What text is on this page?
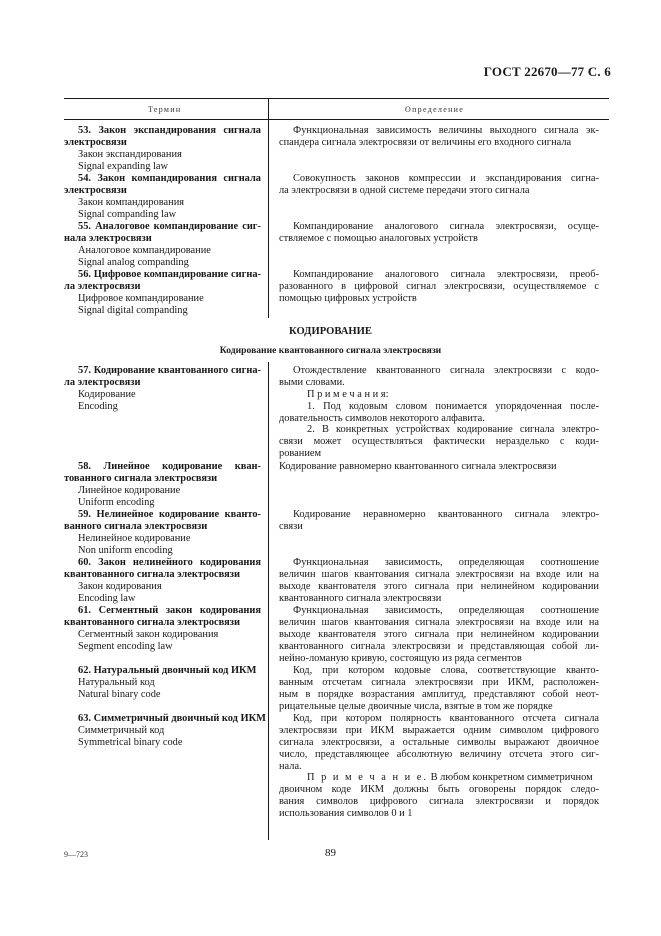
ГОСТ 22670—77 С. 6
Термин	Определение
53. Закон экспандирования сигнала
электросвязи
Закон экспандирования
Signal expanding law
Функциональная зависимость величины выходного сигнала эк-
спандера сигнала электросвязи от величины его входного сигнала
54. Закон компандирования сигнала
электросвязи
Закон компандирования
Signal companding law
Совокупность законов компрессии и экспандирования сигна-
ла электросвязи в одной системе передачи этого сигнала
55. Аналоговое компандирование сиг-
нала электросвязи
Аналоговое компандирование
Signal analog companding
Компандирование аналогового сигнала электросвязи, осуще-
ствляемое с помощью аналоговых устройств
56. Цифровое компандирование сигна-
ла электросвязи
Цифровое компандирование
Signal digital companding
Компандирование аналогового сигнала электросвязи, преоб-
разованного в цифровой сигнал электросвязи, осуществляемое с
помощью цифровых устройств
КОДИРОВАНИЕ
Кодирование квантованного сигнала электросвязи
57. Кодирование квантованного сигна-
ла электросвязи
Кодирование
Encoding
Отождествление квантованного сигнала электросвязи с кодо-
выми словами.
П р и м е ч а н и я:
1. Под кодовым словом понимается упорядоченная после-
довательность символов некоторого алфавита.
2. В конкретных устройствах кодирование сигнала электро-
связи может осуществляться фактически неразделько с коди-
рованием
58. Линейное кодирование кван-
тованного сигнала электросвязи
Линейное кодирование
Uniform encoding
Кодирование равномерно квантованного сигнала электросвязи
59. Нелинейное кодирование кванто-
ванного сигнала электросвязи
Нелинейное кодирование
Non uniform encoding
Кодирование неравномерно квантованного сигнала электро-
связи
60. Закон нелинейного кодирования
квантованного сигнала электросвязи
Закон кодирования
Encoding law
Функциональная зависимость, определяющая соотношение
величин шагов квантования сигнала электросвязи на входе или на
выходе квантователя этого сигнала при нелинейном кодировании
квантованного сигнала электросвязи
61. Сегментный закон кодирования
квантованного сигнала электросвязи
Сегментный закон кодирования
Segment encoding law
Функциональная зависимость, определяющая соотношение
величин шагов квантования сигнала электросвязи на входе или на
выходе квантователя этого сигнала при нелинейном кодировании
квантованного сигнала электросвязи и представляющая собой ли-
нейно-ломаную кривую, состоящую из ряда сегментов
62. Натуральный двоичный код ИКМ
Натуральный код
Natural binary code
Код, при котором кодовые слова, соответствующие кванто-
ванным отсчетам сигнала электросвязи при ИКМ, расположен-
ным в порядке возрастания амплитуд, представляют собой неот-
рицательные целые двоичные числа, взятые в том же порядке
63. Симметричный двоичный код ИКМ
Симметричный код
Symmetrical binary code
Код, при котором полярность квантованного отсчета сигнала
электросвязи при ИКМ выражается одним символом цифрового
сигнала электросвязи, а остальные символы выражают двоичное
число, представляющее абсолютную величину отсчета этого сиг-
нала.
П р и м е ч а н и е. В любом конкретном симметричном
двоичном коде ИКМ должны быть оговорены порядок следо-
вания символов цифрового сигнала электросвязи и порядок
использования символов 0 и 1
9—723	89
